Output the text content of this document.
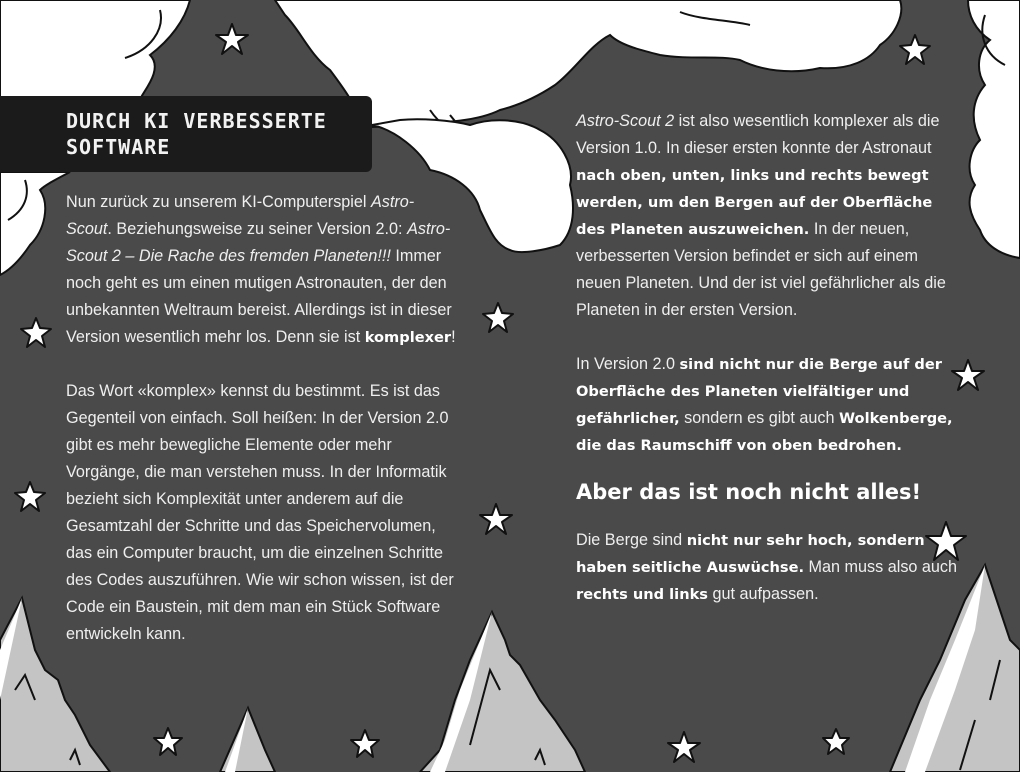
DURCH KI VERBESSERTE SOFTWARE

Nun zurück zu unserem KI-Computerspiel Astro-Scout. Beziehungsweise zu seiner Version 2.0: Astro-Scout 2 – Die Rache des fremden Planeten!!! Immer noch geht es um einen mutigen Astronauten, der den unbekannten Weltraum bereist. Allerdings ist in dieser Version wesentlich mehr los. Denn sie ist komplexer!

Das Wort «komplex» kennst du bestimmt. Es ist das Gegenteil von einfach. Soll heißen: In der Version 2.0 gibt es mehr bewegliche Elemente oder mehr Vorgänge, die man verstehen muss. In der Informatik bezieht sich Komplexität unter anderem auf die Gesamtzahl der Schritte und das Speichervolumen, das ein Computer braucht, um die einzelnen Schritte des Codes auszuführen. Wie wir schon wissen, ist der Code ein Baustein, mit dem man ein Stück Software entwickeln kann.

Astro-Scout 2 ist also wesentlich komplexer als die Version 1.0. In dieser ersten konnte der Astronaut nach oben, unten, links und rechts bewegt werden, um den Bergen auf der Oberfläche des Planeten auszuweichen. In der neuen, verbesserten Version befindet er sich auf einem neuen Planeten. Und der ist viel gefährlicher als die Planeten in der ersten Version.

In Version 2.0 sind nicht nur die Berge auf der Oberfläche des Planeten vielfältiger und gefährlicher, sondern es gibt auch Wolkenberge, die das Raumschiff von oben bedrohen.

Aber das ist noch nicht alles!

Die Berge sind nicht nur sehr hoch, sondern haben seitliche Auswüchse. Man muss also auch rechts und links gut aufpassen.
